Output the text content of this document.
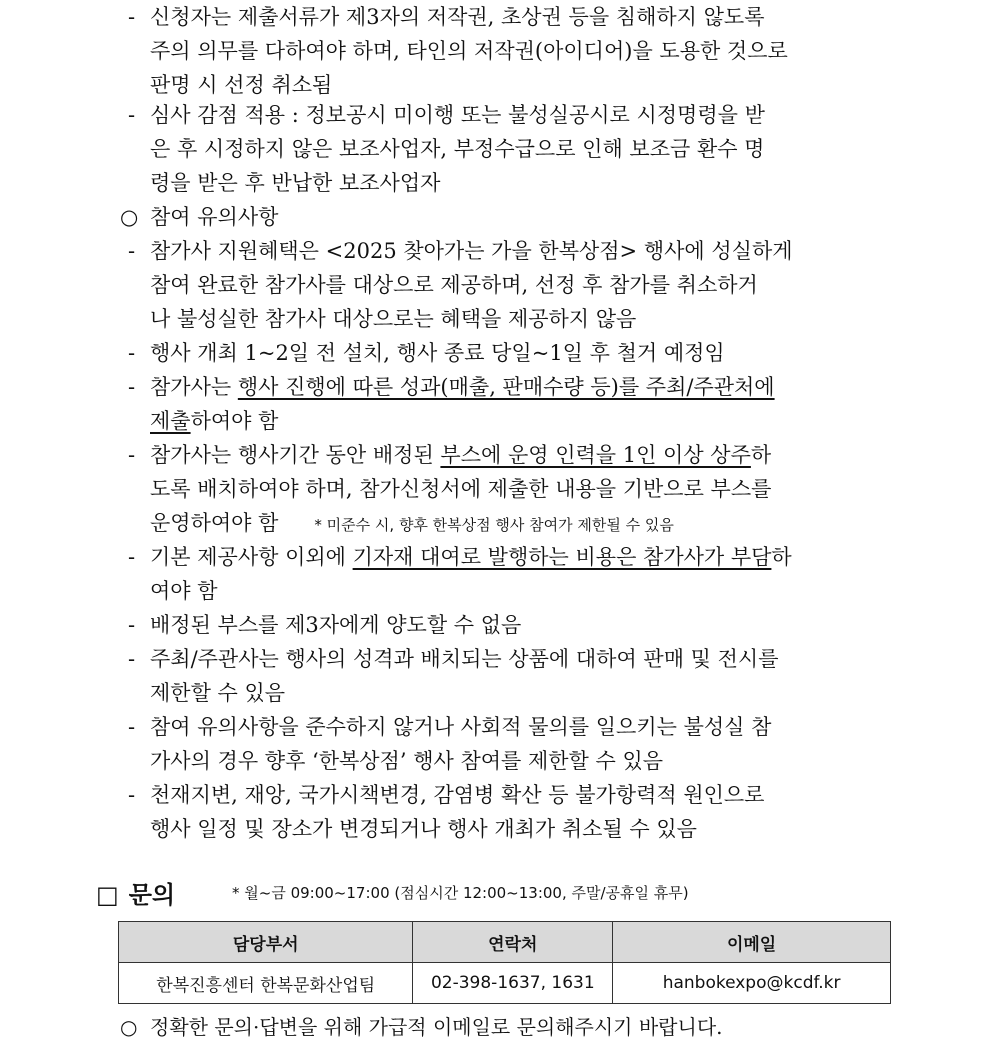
- 신청자는 제출서류가 제3자의 저작권, 초상권 등을 침해하지 않도록
주의 의무를 다하여야 하며, 타인의 저작권(아이디어)을 도용한 것으로
판명 시 선정 취소됨
- 심사 감점 적용 : 정보공시 미이행 또는 불성실공시로 시정명령을 받
은 후 시정하지 않은 보조사업자, 부정수급으로 인해 보조금 환수 명
령을 받은 후 반납한 보조사업자
○ 참여 유의사항
- 참가사 지원혜택은 <2025 찾아가는 가을 한복상점> 행사에 성실하게
참여 완료한 참가사를 대상으로 제공하며, 선정 후 참가를 취소하거
나 불성실한 참가사 대상으로는 혜택을 제공하지 않음
- 행사 개최 1~2일 전 설치, 행사 종료 당일~1일 후 철거 예정임
- 참가사는 행사 진행에 따른 성과(매출, 판매수량 등)를 주최/주관처에
제출하여야 함
- 참가사는 행사기간 동안 배정된 부스에 운영 인력을 1인 이상 상주하
도록 배치하여야 하며, 참가신청서에 제출한 내용을 기반으로 부스를
운영하여야 함 * 미준수 시, 향후 한복상점 행사 참여가 제한될 수 있음
- 기본 제공사항 이외에 기자재 대여로 발행하는 비용은 참가사가 부담하
여야 함
- 배정된 부스를 제3자에게 양도할 수 없음
- 주최/주관사는 행사의 성격과 배치되는 상품에 대하여 판매 및 전시를
제한할 수 있음
- 참여 유의사항을 준수하지 않거나 사회적 물의를 일으키는 불성실 참
가사의 경우 향후 ‘한복상점’ 행사 참여를 제한할 수 있음
- 천재지변, 재앙, 국가시책변경, 감염병 확산 등 불가항력적 원인으로
행사 일정 및 장소가 변경되거나 행사 개최가 취소될 수 있음
□ 문의	* 월~금 09:00~17:00 (점심시간 12:00~13:00, 주말/공휴일 휴무)
담당부서	연락처	이메일
한복진흥센터 한복문화산업팀	02-398-1637, 1631	hanbokexpo@kcdf.kr
○ 정확한 문의·답변을 위해 가급적 이메일로 문의해주시기 바랍니다.
